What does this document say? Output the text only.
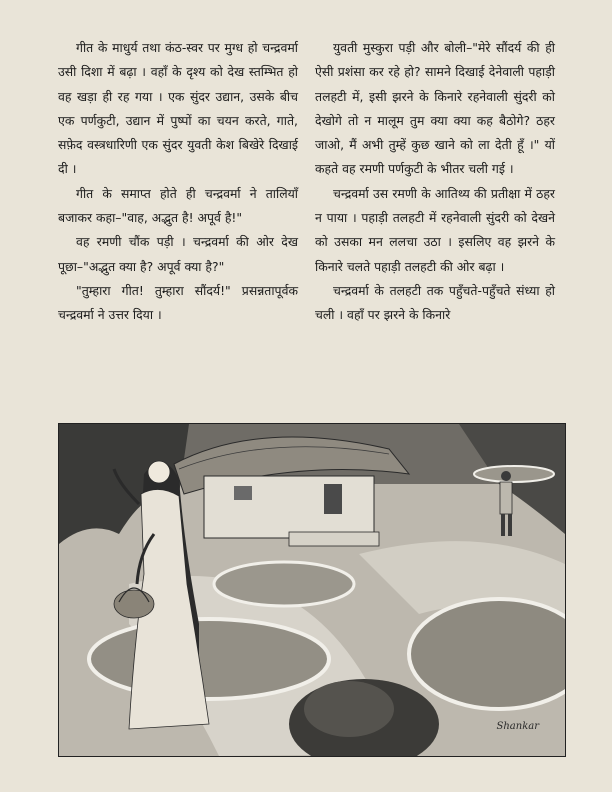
गीत के माधुर्य तथा कंठ-स्वर पर मुग्ध हो चन्द्रवर्मा उसी दिशा में बढ़ा । वहाँ के दृश्य को देख स्तम्भित हो वह खड़ा ही रह गया । एक सुंदर उद्यान, उसके बीच एक पर्णकुटी, उद्यान में पुष्पों का चयन करते, गाते, सफ़ेद वस्त्रधारिणी एक सुंदर युवती केश बिखेरे दिखाई दी ।

गीत के समाप्त होते ही चन्द्रवर्मा ने तालियाँ बजाकर कहा–"वाह, अद्भुत है! अपूर्व है!"

वह रमणी चौंक पड़ी । चन्द्रवर्मा की ओर देख पूछा–"अद्भुत क्या है? अपूर्व क्या है?"

"तुम्हारा गीत! तुम्हारा सौंदर्य!" प्रसन्नतापूर्वक चन्द्रवर्मा ने उत्तर दिया ।

युवती मुस्कुरा पड़ी और बोली–"मेरे सौंदर्य की ही ऐसी प्रशंसा कर रहे हो? सामने दिखाई देनेवाली पहाड़ी तलहटी में, इसी झरने के किनारे रहनेवाली सुंदरी को देखोगे तो न मालूम तुम क्या क्या कह बैठोगे? ठहर जाओ, मैं अभी तुम्हें कुछ खाने को ला देती हूँ ।" यों कहते वह रमणी पर्णकुटी के भीतर चली गई ।

चन्द्रवर्मा उस रमणी के आतिथ्य की प्रतीक्षा में ठहर न पाया । पहाड़ी तलहटी में रहनेवाली सुंदरी को देखने को उसका मन ललचा उठा । इसलिए वह झरने के किनारे चलते पहाड़ी तलहटी की ओर बढ़ा ।

चन्द्रवर्मा के तलहटी तक पहुँचते-पहुँचते संध्या हो चली । वहाँ पर झरने के किनारे

Shankar
